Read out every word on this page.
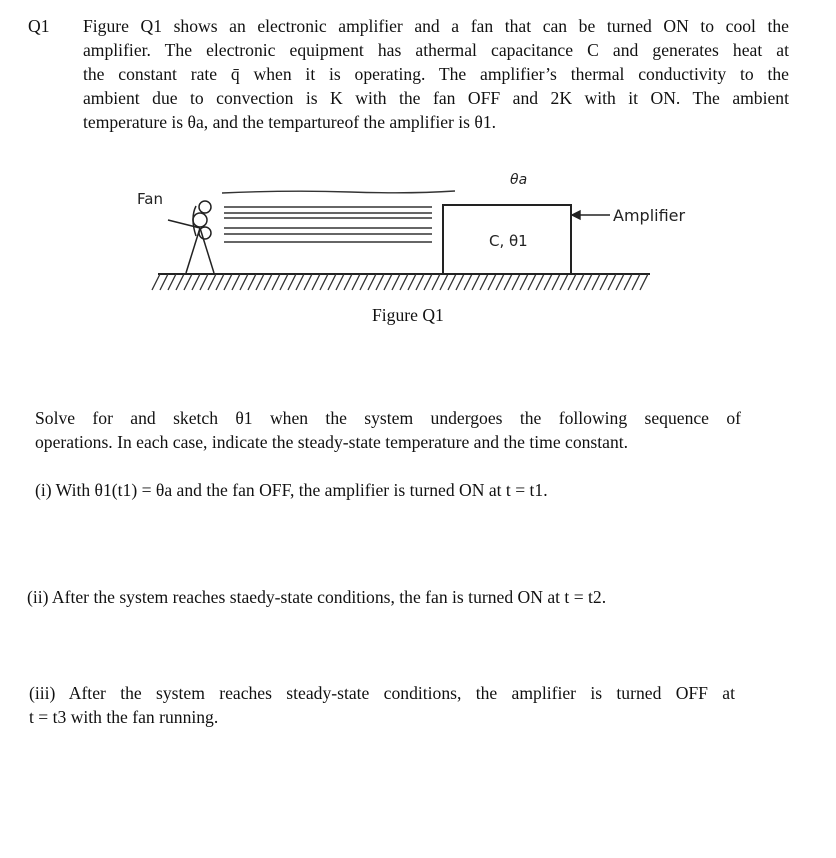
Q1 Figure Q1 shows an electronic amplifier and a fan that can be turned ON to cool the
amplifier. The electronic equipment has athermal capacitance C and generates heat at
the constant rate q̄ when it is operating. The amplifier’s thermal conductivity to the
ambient due to convection is K with the fan OFF and 2K with it ON. The ambient
temperature is θa, and the tempartureof the amplifier is θ1.
Fan
θa
C, θ1
Amplifier
Figure Q1
Solve for and sketch θ1 when the system undergoes the following sequence of
operations. In each case, indicate the steady-state temperature and the time constant.
(i) With θ1(t1) = θa and the fan OFF, the amplifier is turned ON at t = t1.
(ii) After the system reaches staedy-state conditions, the fan is turned ON at t = t2.
(iii) After the system reaches steady-state conditions, the amplifier is turned OFF at
t = t3 with the fan running.
